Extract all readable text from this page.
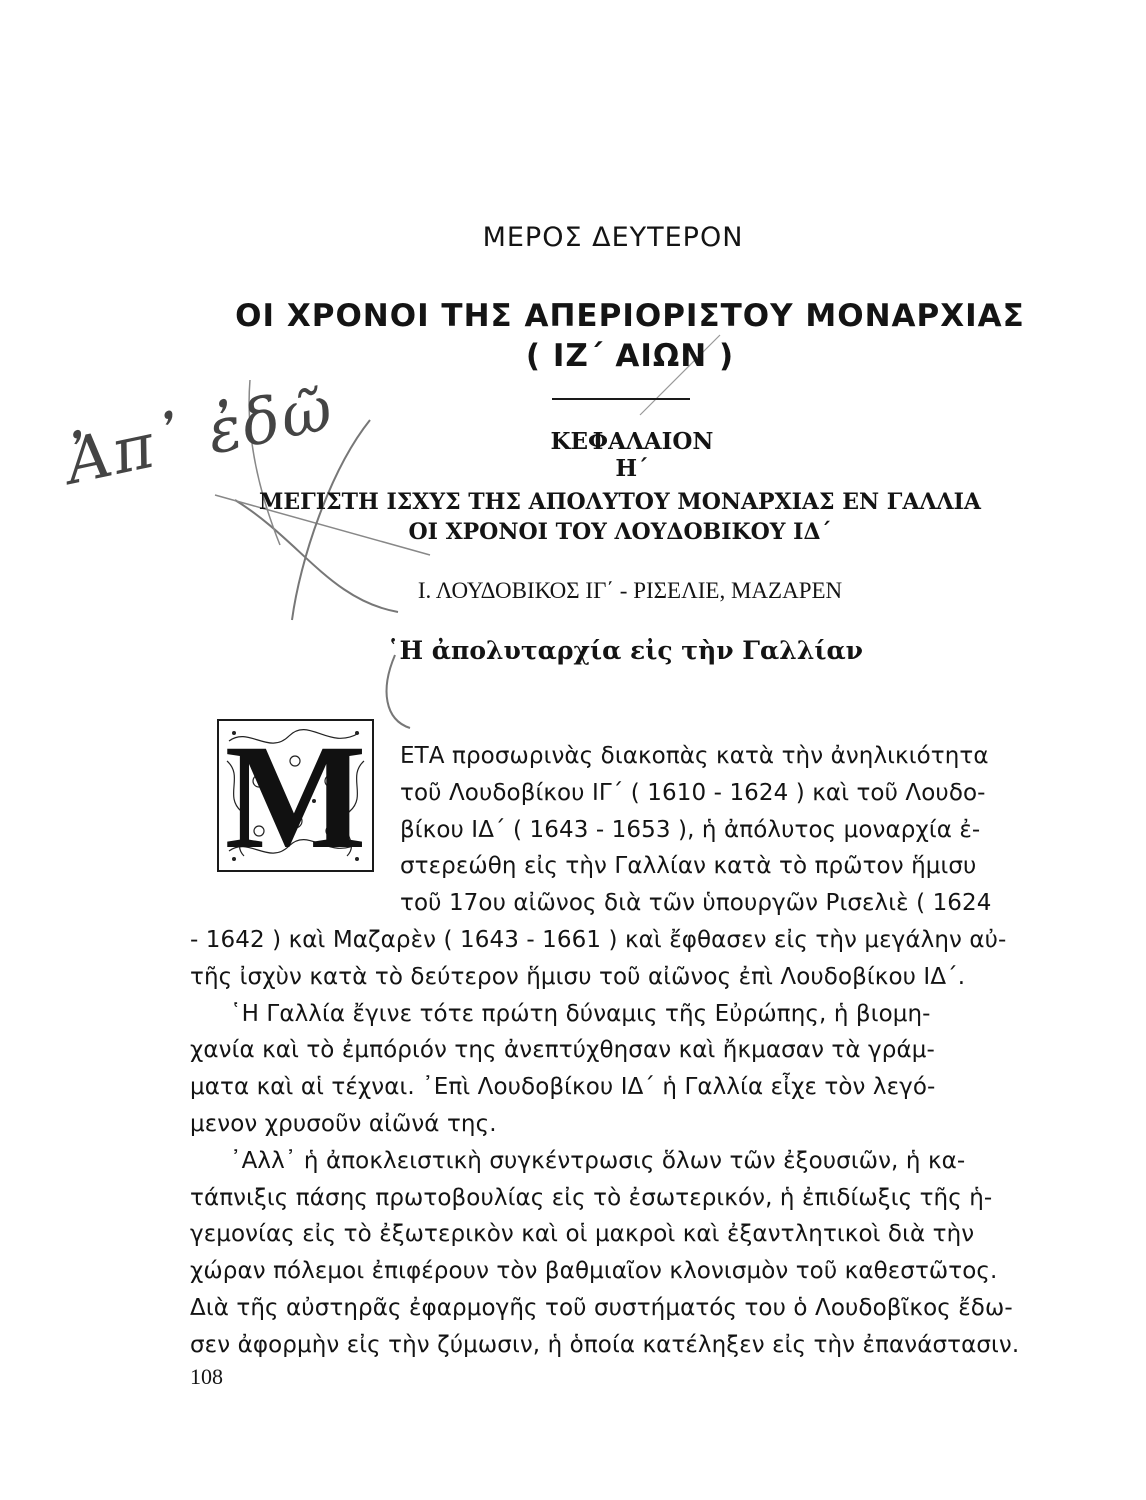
Ἀπ᾽ ἐδῶ
ΜΕΡΟΣ ΔΕΥΤΕΡΟΝ
ΟΙ ΧΡΟΝΟΙ ΤΗΣ ΑΠΕΡΙΟΡΙΣΤΟΥ ΜΟΝΑΡΧΙΑΣ
( ΙΖ΄ ΑΙΩΝ )
ΚΕΦΑΛΑΙΟΝ Η΄
ΜΕΓΙΣΤΗ ΙΣΧΥΣ ΤΗΣ ΑΠΟΛΥΤΟΥ ΜΟΝΑΡΧΙΑΣ ΕΝ ΓΑΛΛΙΑ
ΟΙ ΧΡΟΝΟΙ ΤΟΥ ΛΟΥΔΟΒΙΚΟΥ ΙΔ΄
Ι. ΛΟΥΔΟΒΙΚΟΣ ΙΓ΄ - ΡΙΣΕΛΙΕ, ΜΑΖΑΡΕΝ
῾Η ἀπολυταρχία εἰς τὴν Γαλλίαν
M	ΕΤΑ προσωρινὰς διακοπὰς κατὰ τὴν ἀνηλικιότητα
τοῦ Λουδοβίκου ΙΓ΄ ( 1610 - 1624 ) καὶ τοῦ Λουδο-
βίκου ΙΔ΄ ( 1643 - 1653 ), ἡ ἀπόλυτος μοναρχία ἐ-
στερεώθη εἰς τὴν Γαλλίαν κατὰ τὸ πρῶτον ἥμισυ
τοῦ 17ου αἰῶνος διὰ τῶν ὑπουργῶν Ρισελιὲ ( 1624
- 1642 ) καὶ Μαζαρὲν ( 1643 - 1661 ) καὶ ἔφθασεν εἰς τὴν μεγάλην αὐ-
τῆς ἰσχὺν κατὰ τὸ δεύτερον ἥμισυ τοῦ αἰῶνος ἐπὶ Λουδοβίκου ΙΔ΄.
῾Η Γαλλία ἔγινε τότε πρώτη δύναμις τῆς Εὐρώπης, ἡ βιομη-
χανία καὶ τὸ ἐμπόριόν της ἀνεπτύχθησαν καὶ ἤκμασαν τὰ γράμ-
ματα καὶ αἱ τέχναι. ᾽Επὶ Λουδοβίκου ΙΔ΄ ἡ Γαλλία εἶχε τὸν λεγό-
μενον χρυσοῦν αἰῶνά της.
᾽Αλλ᾽ ἡ ἀποκλειστικὴ συγκέντρωσις ὅλων τῶν ἐξουσιῶν, ἡ κα-
τάπνιξις πάσης πρωτοβουλίας εἰς τὸ ἐσωτερικόν, ἡ ἐπιδίωξις τῆς ἡ-
γεμονίας εἰς τὸ ἐξωτερικὸν καὶ οἱ μακροὶ καὶ ἐξαντλητικοὶ διὰ τὴν
χώραν πόλεμοι ἐπιφέρουν τὸν βαθμιαῖον κλονισμὸν τοῦ καθεστῶτος.
Διὰ τῆς αὐστηρᾶς ἐφαρμογῆς τοῦ συστήματός του ὁ Λουδοβῖκος ἔδω-
σεν ἀφορμὴν εἰς τὴν ζύμωσιν, ἡ ὁποία κατέληξεν εἰς τὴν ἐπανάστασιν.
108
